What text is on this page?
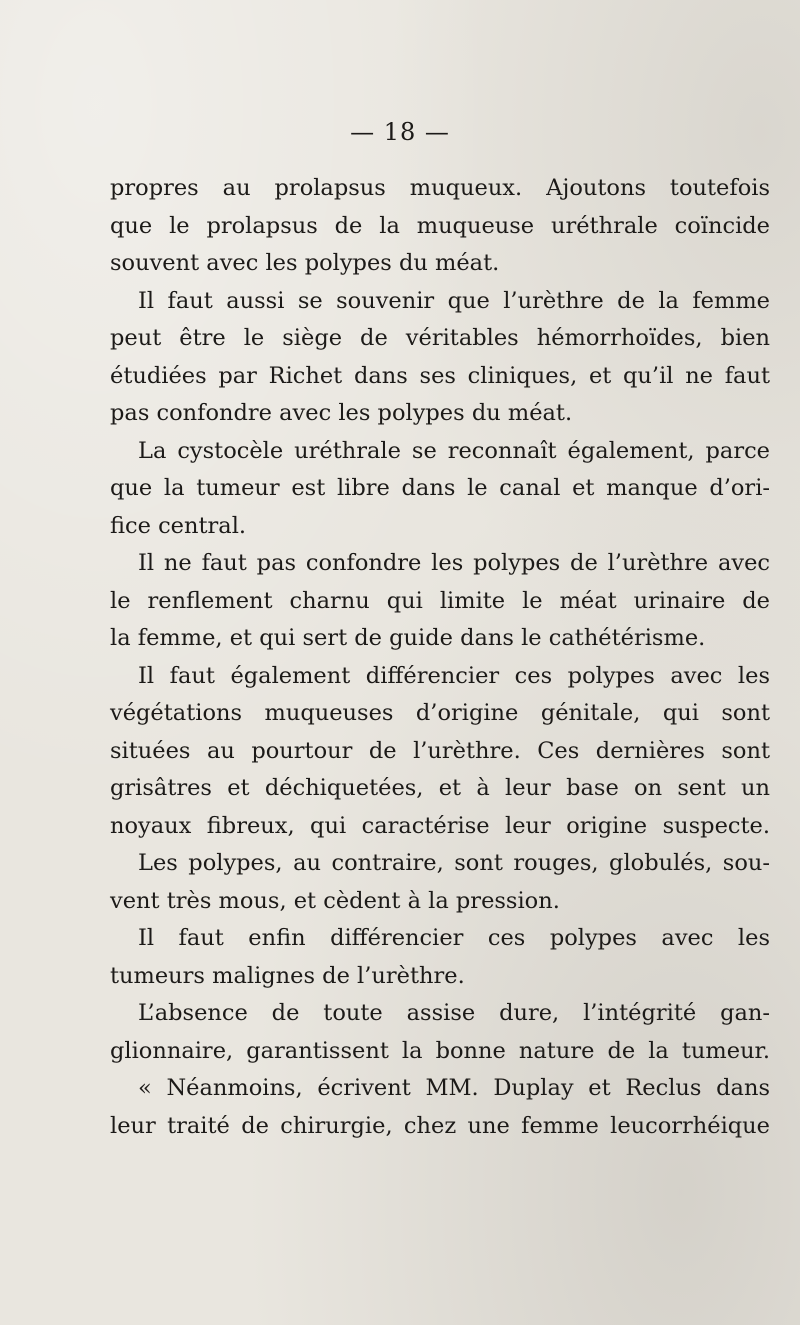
— 18 —
propres au prolapsus muqueux. Ajoutons toutefois
que le prolapsus de la muqueuse uréthrale coïncide
souvent avec les polypes du méat.
Il faut aussi se souvenir que l’urèthre de la femme
peut être le siège de véritables hémorrhoïdes, bien
étudiées par Richet dans ses cliniques, et qu’il ne faut
pas confondre avec les polypes du méat.
La cystocèle uréthrale se reconnaît également, parce
que la tumeur est libre dans le canal et manque d’ori-
fice central.
Il ne faut pas confondre les polypes de l’urèthre avec
le renflement charnu qui limite le méat urinaire de
la femme, et qui sert de guide dans le cathétérisme.
Il faut également différencier ces polypes avec les
végétations muqueuses d’origine génitale, qui sont
situées au pourtour de l’urèthre. Ces dernières sont
grisâtres et déchiquetées, et à leur base on sent un
noyaux fibreux, qui caractérise leur origine suspecte.
Les polypes, au contraire, sont rouges, globulés, sou-
vent très mous, et cèdent à la pression.
Il faut enfin différencier ces polypes avec les
tumeurs malignes de l’urèthre.
L’absence de toute assise dure, l’intégrité gan-
glionnaire, garantissent la bonne nature de la tumeur.
« Néanmoins, écrivent MM. Duplay et Reclus dans
leur traité de chirurgie, chez une femme leucorrhéique
